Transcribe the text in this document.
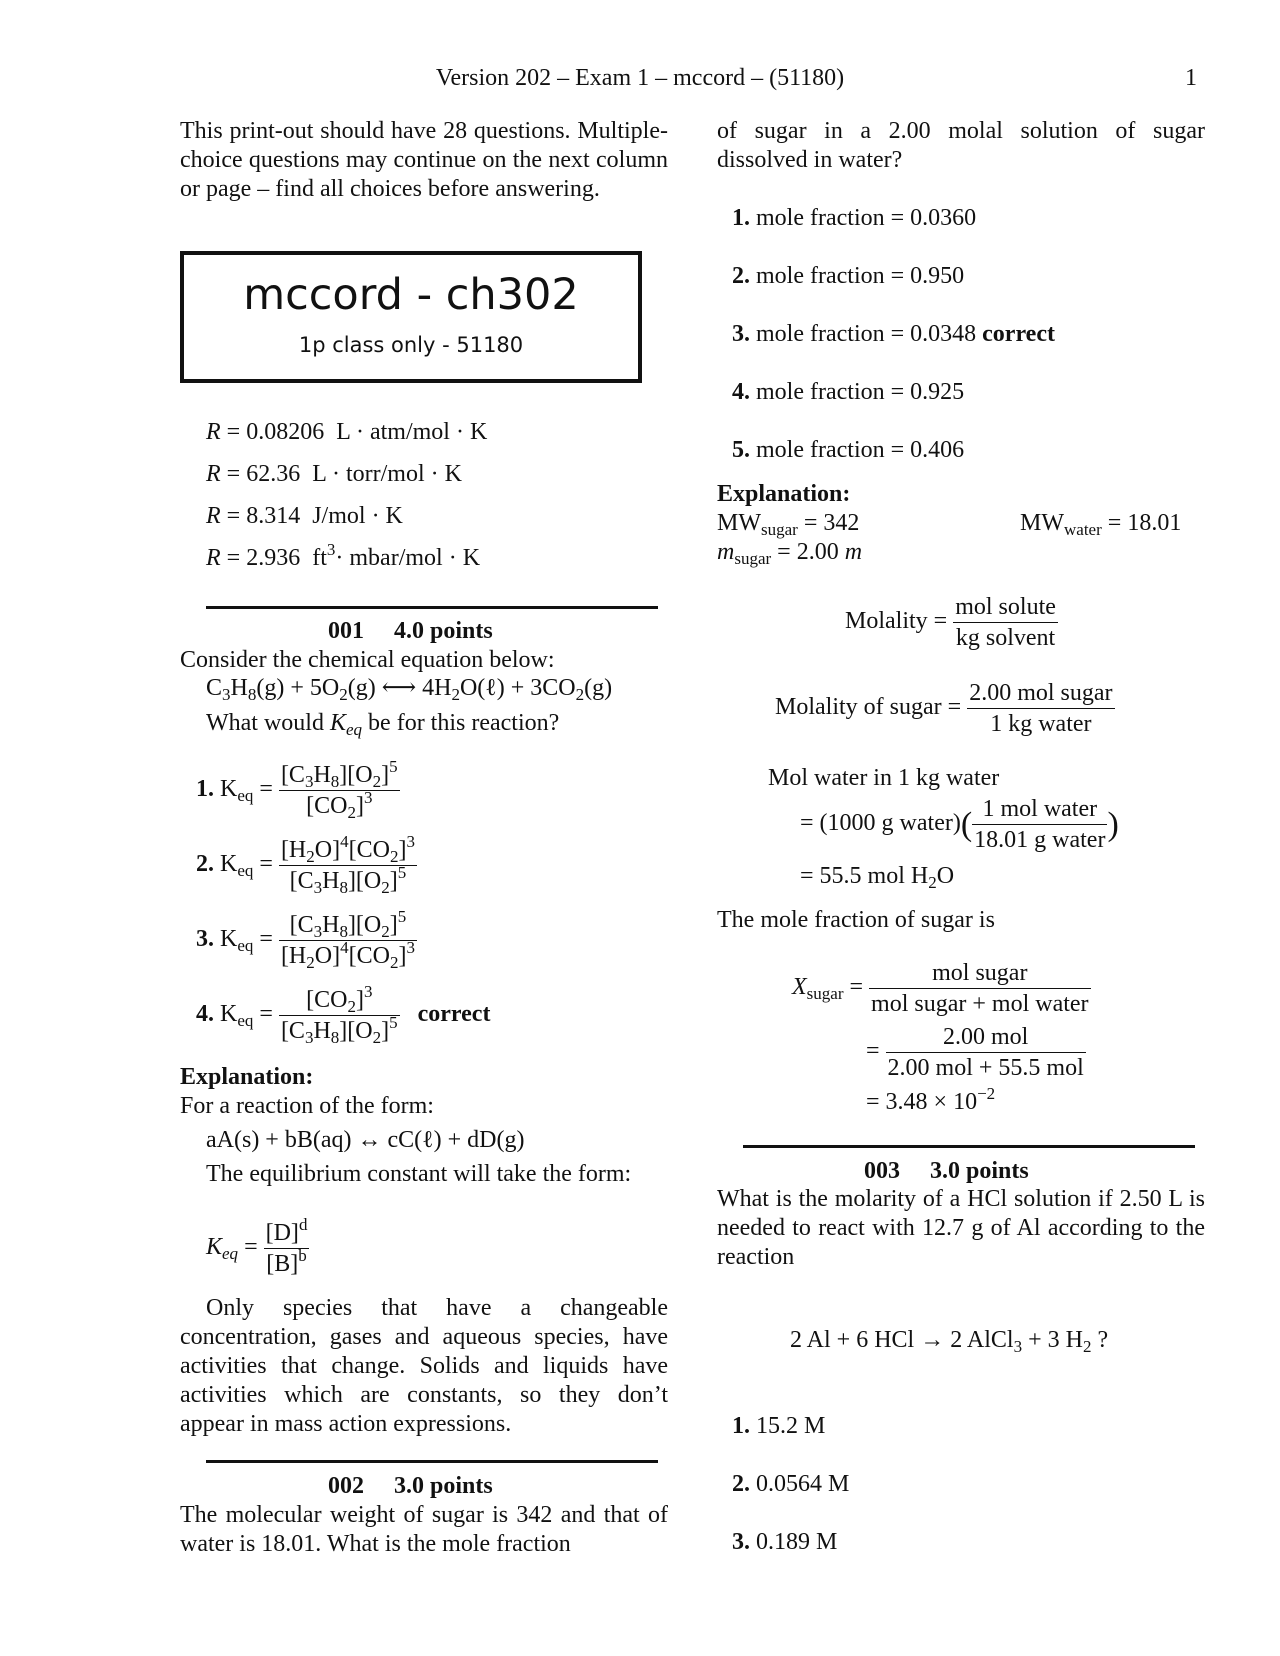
Version 202 – Exam 1 – mccord – (51180)	1
This print-out should have 28 questions. Multiple-choice questions may continue on the next column or page – find all choices before answering.
mccord - ch302
1p class only - 51180
R = 0.08206 L · atm/mol · K
R = 62.36 L · torr/mol · K
R = 8.314 J/mol · K
R = 2.936  $ft^3\cdot$ mbar/mol · K
001 4.0 points
Consider the chemical equation below:
$C_3H_8(g) + 5O_2(g)$ ⟷ $4H_2O(\ell) + 3CO_2(g)$
What would $K_{eq}$ be for this reaction?
1. $K_{eq} = \frac{[C_3H_8][O_2]^5}{[CO_2]^3}$
2. $K_{eq} = \frac{[H_2O]^4[CO_2]^3}{[C_3H_8][O_2]^5}$
3. $K_{eq} = \frac{[C_3H_8][O_2]^5}{[H_2O]^4[CO_2]^3}$
4. $K_{eq} = \frac{[CO_2]^3}{[C_3H_8][O_2]^5}$ correct
Explanation:
For a reaction of the form:
aA(s) + bB(aq) ↔ cC(ℓ) + dD(g)
The equilibrium constant will take the form:
$K_{eq} = \frac{[D]^d}{[B]^b}$
Only species that have a changeable concentration, gases and aqueous species, have activities that change. Solids and liquids have activities which are constants, so they don’t appear in mass action expressions.
002 3.0 points
The molecular weight of sugar is 342 and that of water is 18.01. What is the mole fraction
of sugar in a 2.00 molal solution of sugar dissolved in water?
1. mole fraction = 0.0360
2. mole fraction = 0.950
3. mole fraction = 0.0348 correct
4. mole fraction = 0.925
5. mole fraction = 0.406
Explanation:
$MW_{sugar} = 342$	$MW_{water} = 18.01$
$m_{sugar} = 2.00$ m
Molality = $\frac{\text{mol solute}}{\text{kg solvent}}$
Molality of sugar = $\frac{\text{2.00 mol sugar}}{\text{1 kg water}}$
Mol water in 1 kg water
= (1000 g water)( $\frac{\text{1 mol water}}{\text{18.01 g water}}$ )
= 55.5 mol $H_2O$
The mole fraction of sugar is
$X_{sugar} = \frac{\text{mol sugar}}{\text{mol sugar + mol water}}$
= $\frac{\text{2.00 mol}}{\text{2.00 mol + 55.5 mol}}$
= $3.48 \times 10^{-2}$
003 3.0 points
What is the molarity of a HCl solution if 2.50 L is needed to react with 12.7 g of Al according to the reaction
2 Al + 6 HCl → 2 AlCl$_3$ + 3 $H_2$ ?
1. 15.2 M
2. 0.0564 M
3. 0.189 M
